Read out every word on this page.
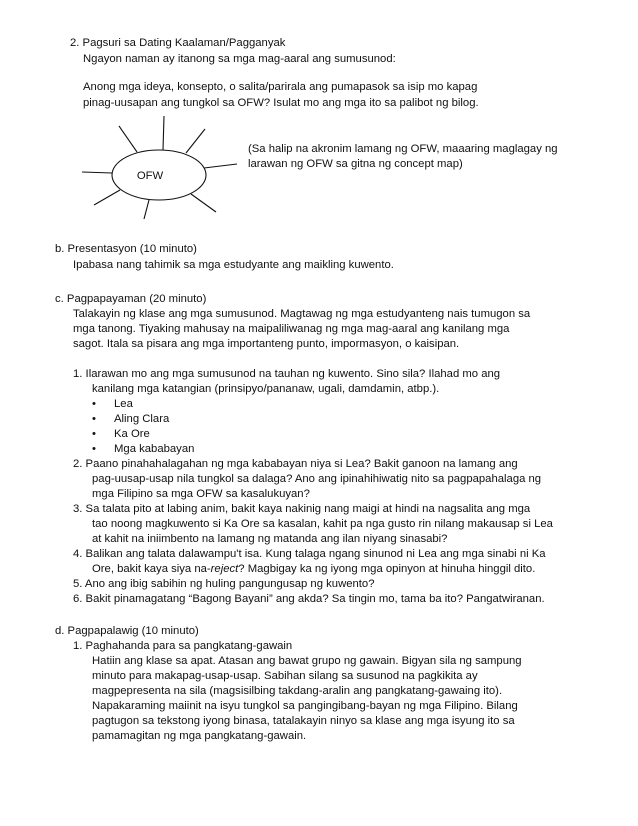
2. Pagsuri sa Dating Kaalaman/Pagganyak
Ngayon naman ay itanong sa mga mag-aaral ang sumusunod:
Anong mga ideya, konsepto, o salita/parirala ang pumapasok sa isip mo kapag
pinag-uusapan ang tungkol sa OFW? Isulat mo ang mga ito sa palibot ng bilog.
OFW
(Sa halip na akronim lamang ng OFW, maaaring maglagay ng
larawan ng OFW sa gitna ng concept map)
b. Presentasyon (10 minuto)
Ipabasa nang tahimik sa mga estudyante ang maikling kuwento.
c. Pagpapayaman (20 minuto)
Talakayin ng klase ang mga sumusunod. Magtawag ng mga estudyanteng nais tumugon sa
mga tanong. Tiyaking mahusay na maipaliliwanag ng mga mag-aaral ang kanilang mga
sagot. Itala sa pisara ang mga importanteng punto, impormasyon, o kaisipan.
1. Ilarawan mo ang mga sumusunod na tauhan ng kuwento. Sino sila? Ilahad mo ang
kanilang mga katangian (prinsipyo/pananaw, ugali, damdamin, atbp.).
• Lea
• Aling Clara
• Ka Ore
• Mga kababayan
2. Paano pinahahalagahan ng mga kababayan niya si Lea? Bakit ganoon na lamang ang
pag-uusap-usap nila tungkol sa dalaga? Ano ang ipinahihiwatig nito sa pagpapahalaga ng
mga Filipino sa mga OFW sa kasalukuyan?
3. Sa talata pito at labing anim, bakit kaya nakinig nang maigi at hindi na nagsalita ang mga
tao noong magkuwento si Ka Ore sa kasalan, kahit pa nga gusto rin nilang makausap si Lea
at kahit na iniimbento na lamang ng matanda ang ilan niyang sinasabi?
4. Balikan ang talata dalawampu't isa. Kung talaga ngang sinunod ni Lea ang mga sinabi ni Ka
Ore, bakit kaya siya na-reject? Magbigay ka ng iyong mga opinyon at hinuha hinggil dito.
5. Ano ang ibig sabihin ng huling pangungusap ng kuwento?
6. Bakit pinamagatang “Bagong Bayani” ang akda? Sa tingin mo, tama ba ito? Pangatwiranan.
d. Pagpapalawig (10 minuto)
1. Paghahanda para sa pangkatang-gawain
Hatiin ang klase sa apat. Atasan ang bawat grupo ng gawain. Bigyan sila ng sampung
minuto para makapag-usap-usap. Sabihan silang sa susunod na pagkikita ay
magpepresenta na sila (magsisilbing takdang-aralin ang pangkatang-gawaing ito).
Napakaraming maiinit na isyu tungkol sa pangingibang-bayan ng mga Filipino. Bilang
pagtugon sa tekstong iyong binasa, tatalakayin ninyo sa klase ang mga isyung ito sa
pamamagitan ng mga pangkatang-gawain.
